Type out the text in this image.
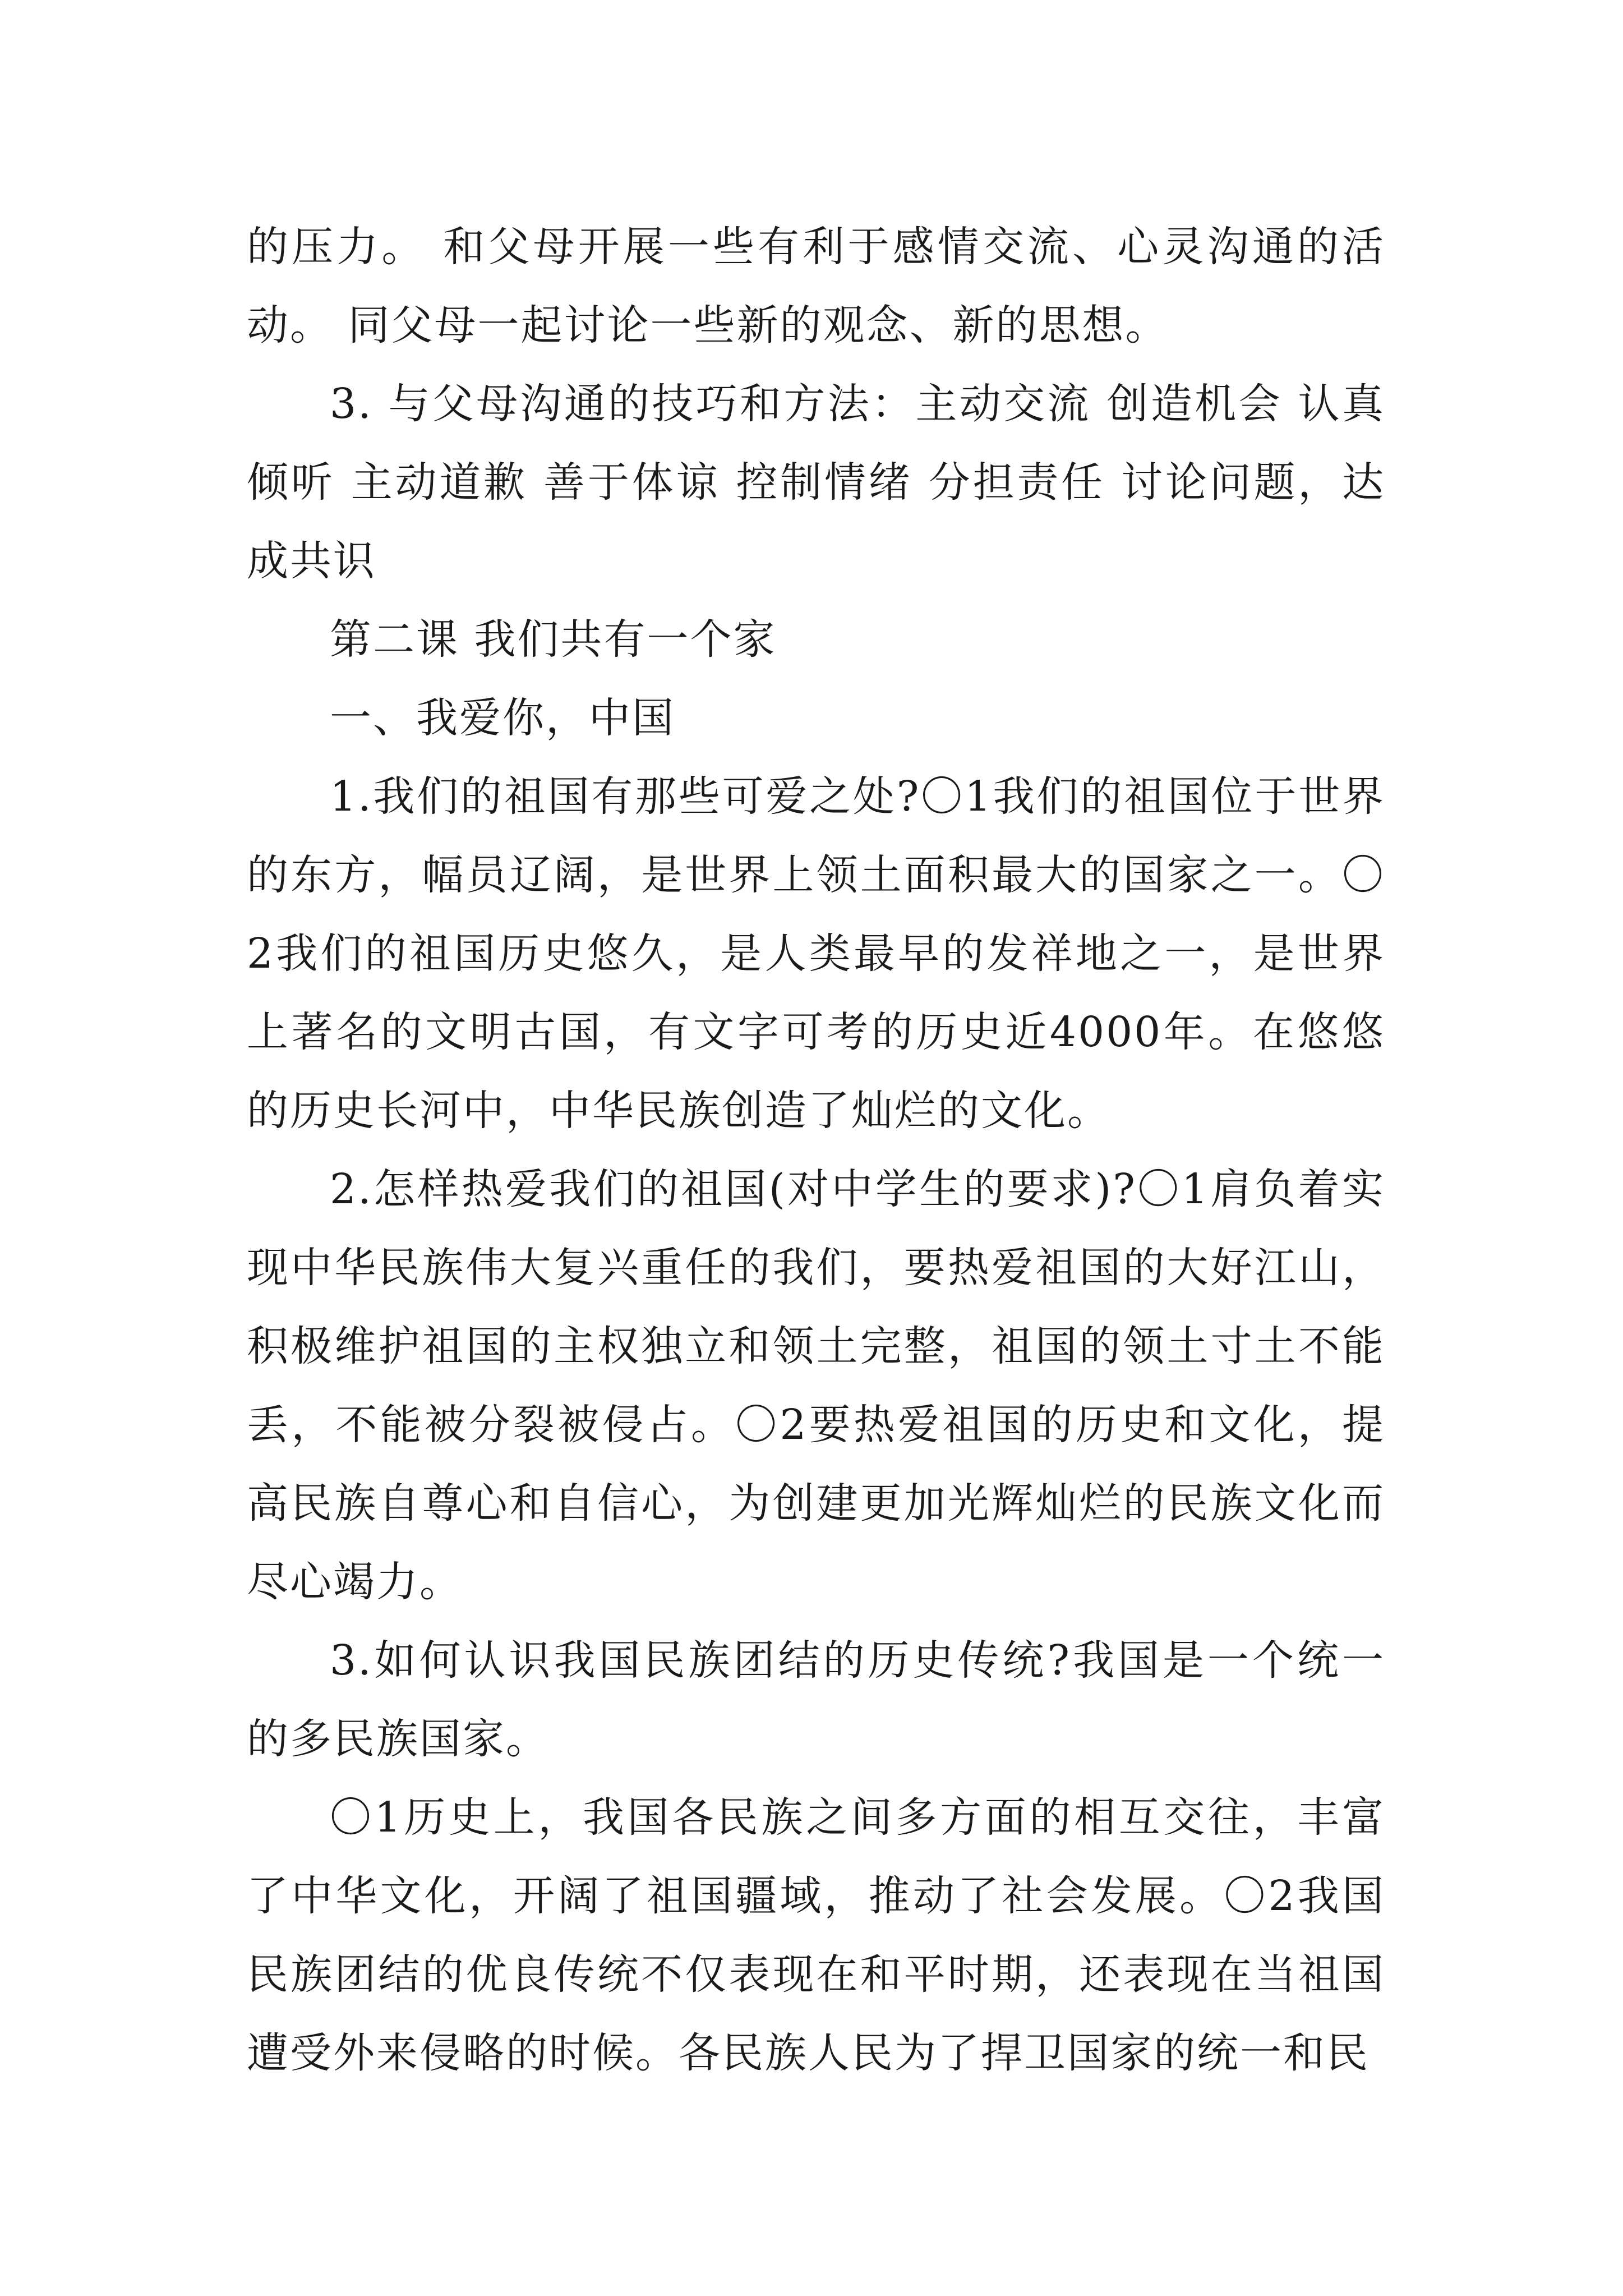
的压力。 和父母开展一些有利于感情交流、心灵沟通的活动。 同父母一起讨论一些新的观念、新的思想。

3. 与父母沟通的技巧和方法：主动交流 创造机会 认真倾听 主动道歉 善于体谅 控制情绪 分担责任 讨论问题，达成共识

第二课 我们共有一个家

一、我爱你，中国

1.我们的祖国有那些可爱之处?〇1我们的祖国位于世界的东方，幅员辽阔，是世界上领土面积最大的国家之一。〇2我们的祖国历史悠久，是人类最早的发祥地之一，是世界上著名的文明古国，有文字可考的历史近4000年。在悠悠的历史长河中，中华民族创造了灿烂的文化。

2.怎样热爱我们的祖国(对中学生的要求)?〇1肩负着实现中华民族伟大复兴重任的我们，要热爱祖国的大好江山，积极维护祖国的主权独立和领土完整，祖国的领土寸土不能丢，不能被分裂被侵占。〇2要热爱祖国的历史和文化，提高民族自尊心和自信心，为创建更加光辉灿烂的民族文化而尽心竭力。

3.如何认识我国民族团结的历史传统?我国是一个统一的多民族国家。

〇1历史上，我国各民族之间多方面的相互交往，丰富了中华文化，开阔了祖国疆域，推动了社会发展。〇2我国民族团结的优良传统不仅表现在和平时期，还表现在当祖国遭受外来侵略的时候。各民族人民为了捍卫国家的统一和民
